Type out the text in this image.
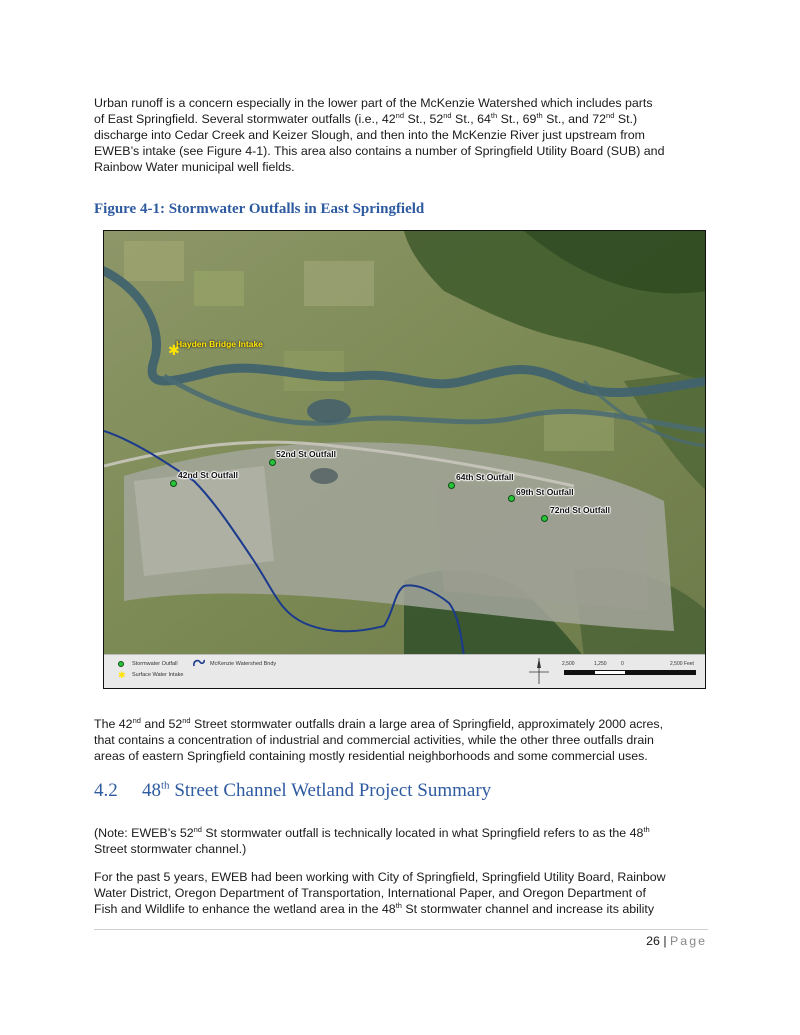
Urban runoff is a concern especially in the lower part of the McKenzie Watershed which includes parts
of East Springfield. Several stormwater outfalls (i.e., 42nd St., 52nd St., 64th St., 69th St., and 72nd St.)
discharge into Cedar Creek and Keizer Slough, and then into the McKenzie River just upstream from
EWEB’s intake (see Figure 4-1). This area also contains a number of Springfield Utility Board (SUB) and
Rainbow Water municipal well fields.

Figure 4-1: Stormwater Outfalls in East Springfield

Hayden Bridge Intake
✱
52nd St Outfall
42nd St Outfall	64th St Outfall
69th St Outfall
72nd St Outfall
Stormwater Outfall	McKenzie Watershed Bndy
✱ Surface Water Intake
2,500	1,250	0	2,500 Feet
The 42nd and 52nd Street stormwater outfalls drain a large area of Springfield, approximately 2000 acres,
that contains a concentration of industrial and commercial activities, while the other three outfalls drain
areas of eastern Springfield containing mostly residential neighborhoods and some commercial uses.
4.2 48th Street Channel Wetland Project Summary
(Note: EWEB’s 52nd St stormwater outfall is technically located in what Springfield refers to as the 48th
Street stormwater channel.)
For the past 5 years, EWEB had been working with City of Springfield, Springfield Utility Board, Rainbow
Water District, Oregon Department of Transportation, International Paper, and Oregon Department of
Fish and Wildlife to enhance the wetland area in the 48th St stormwater channel and increase its ability
26 | Page
